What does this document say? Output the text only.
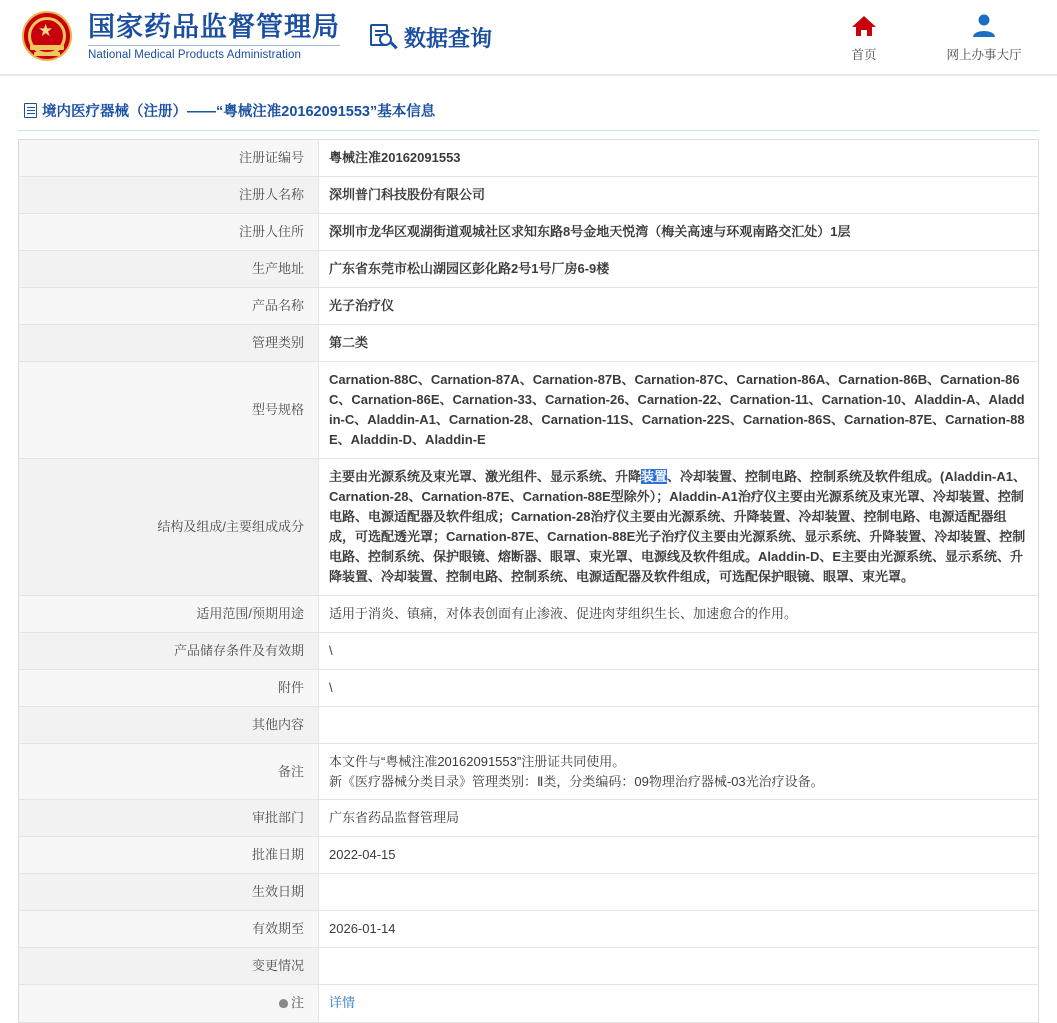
★ 国家药品监督管理局
National Medical Products Administration
数据查询
首页	网上办事大厅
境内医疗器械（注册）——“粤械注准20162091553”基本信息
注册证编号	粤械注准20162091553
注册人名称	深圳普门科技股份有限公司
注册人住所	深圳市龙华区观湖街道观城社区求知东路8号金地天悦湾（梅关高速与环观南路交汇处）1层
生产地址	广东省东莞市松山湖园区彭化路2号1号厂房6-9楼
产品名称	光子治疗仪
管理类别	第二类
型号规格	Carnation-88C、Carnation-87A、Carnation-87B、Carnation-87C、Carnation-86A、Carnation-86B、Carnation-86C、Carnation-86E、Carnation-33、Carnation-26、Carnation-22、Carnation-11、Carnation-10、Aladdin-A、Aladdin-C、Aladdin-A1、Carnation-28、Carnation-11S、Carnation-22S、Carnation-86S、Carnation-87E、Carnation-88E、Aladdin-D、Aladdin-E
结构及组成/主要组成成分	主要由光源系统及束光罩、激光组件、显示系统、升降装置、冷却装置、控制电路、控制系统及软件组成。(Aladdin-A1、Carnation-28、Carnation-87E、Carnation-88E型除外）；Aladdin-A1治疗仪主要由光源系统及束光罩、冷却装置、控制电路、电源适配器及软件组成；Carnation-28治疗仪主要由光源系统、升降装置、冷却装置、控制电路、电源适配器组成，可选配透光罩；Carnation-87E、Carnation-88E光子治疗仪主要由光源系统、显示系统、升降装置、冷却装置、控制电路、控制系统、保护眼镜、熔断器、眼罩、束光罩、电源线及软件组成。Aladdin-D、E主要由光源系统、显示系统、升降装置、冷却装置、控制电路、控制系统、电源适配器及软件组成，可选配保护眼镜、眼罩、束光罩。
适用范围/预期用途	适用于消炎、镇痛，对体表创面有止渗液、促进肉芽组织生长、加速愈合的作用。
产品储存条件及有效期	\
附件	\
其他内容	
备注	本文件与“粤械注准20162091553”注册证共同使用。
新《医疗器械分类目录》管理类别：Ⅱ类，分类编码：09物理治疗器械-03光治疗设备。
审批部门	广东省药品监督管理局
批准日期	2022-04-15
生效日期	
有效期至	2026-01-14
变更情况	

注	详情
